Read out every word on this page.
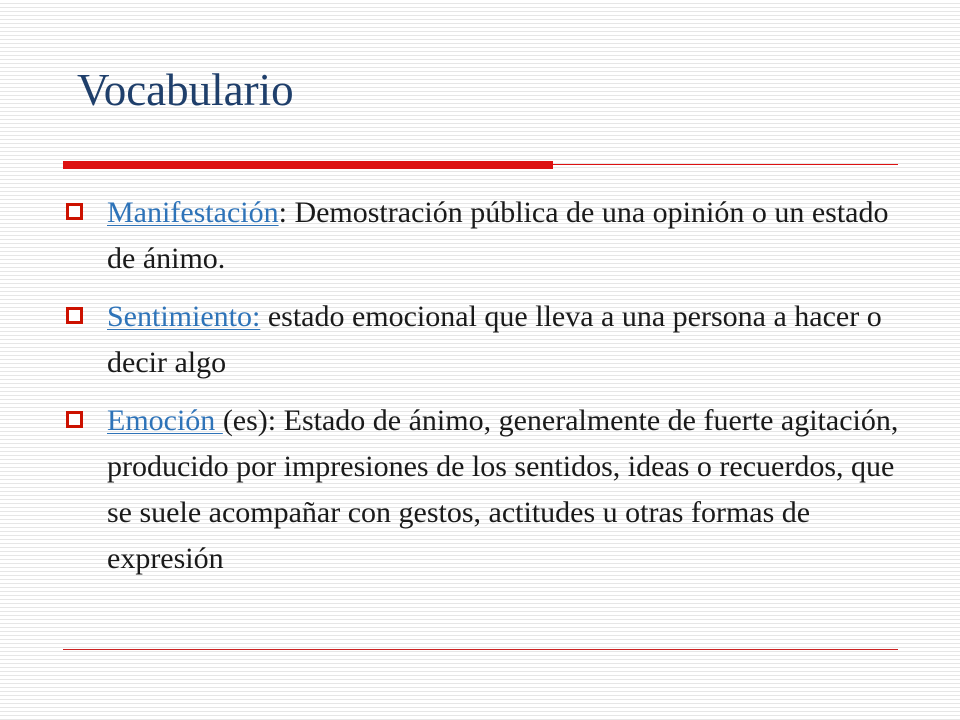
Vocabulario
Manifestación: Demostración pública de una opinión o un estado de ánimo.
Sentimiento: estado emocional que lleva a una persona a hacer o decir algo
Emoción (es): Estado de ánimo, generalmente de fuerte agitación, producido por impresiones de los sentidos, ideas o recuerdos, que se suele acompañar con gestos, actitudes u otras formas de expresión
